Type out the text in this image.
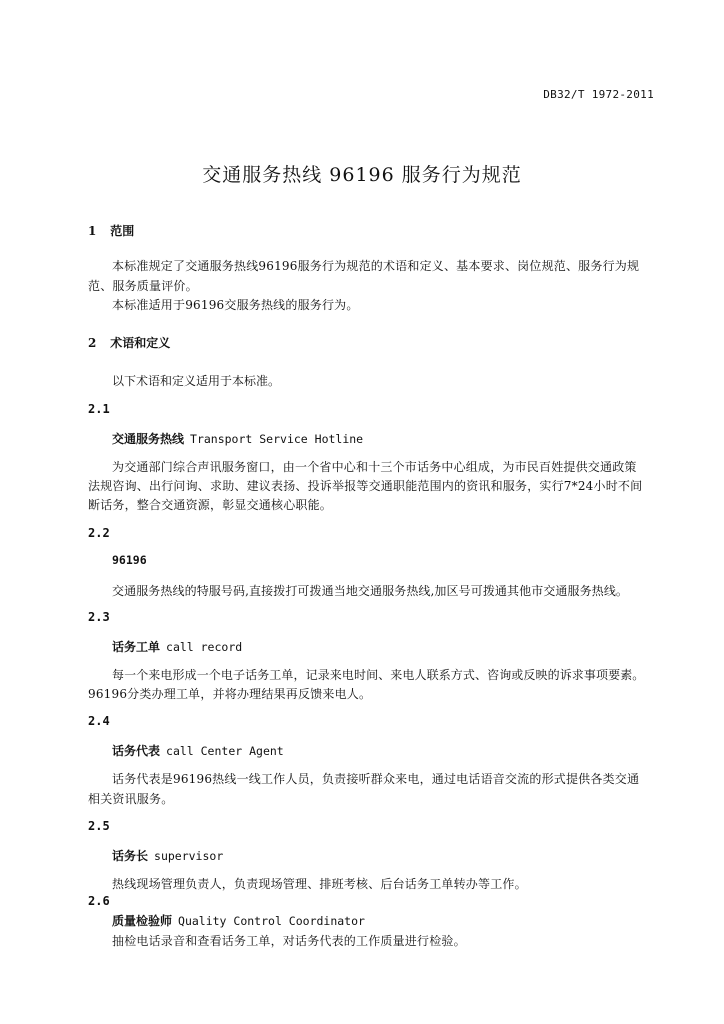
DB32/T 1972-2011
交通服务热线 96196 服务行为规范
1 范围
本标准规定了交通服务热线96196服务行为规范的术语和定义、基本要求、岗位规范、服务行为规
范、服务质量评价。
本标准适用于96196交服务热线的服务行为。
2 术语和定义
以下术语和定义适用于本标准。
2.1
交通服务热线 Transport Service Hotline
为交通部门综合声讯服务窗口，由一个省中心和十三个市话务中心组成，为市民百姓提供交通政策
法规咨询、出行问询、求助、建议表扬、投诉举报等交通职能范围内的资讯和服务，实行7*24小时不间
断话务，整合交通资源，彰显交通核心职能。
2.2
96196
交通服务热线的特服号码,直接拨打可拨通当地交通服务热线,加区号可拨通其他市交通服务热线。
2.3
话务工单 call record
每一个来电形成一个电子话务工单，记录来电时间、来电人联系方式、咨询或反映的诉求事项要素。
96196分类办理工单，并将办理结果再反馈来电人。
2.4
话务代表 call Center Agent
话务代表是96196热线一线工作人员，负责接听群众来电，通过电话语音交流的形式提供各类交通
相关资讯服务。
2.5
话务长 supervisor
热线现场管理负责人，负责现场管理、排班考核、后台话务工单转办等工作。
2.6
质量检验师 Quality Control Coordinator
抽检电话录音和查看话务工单，对话务代表的工作质量进行检验。
